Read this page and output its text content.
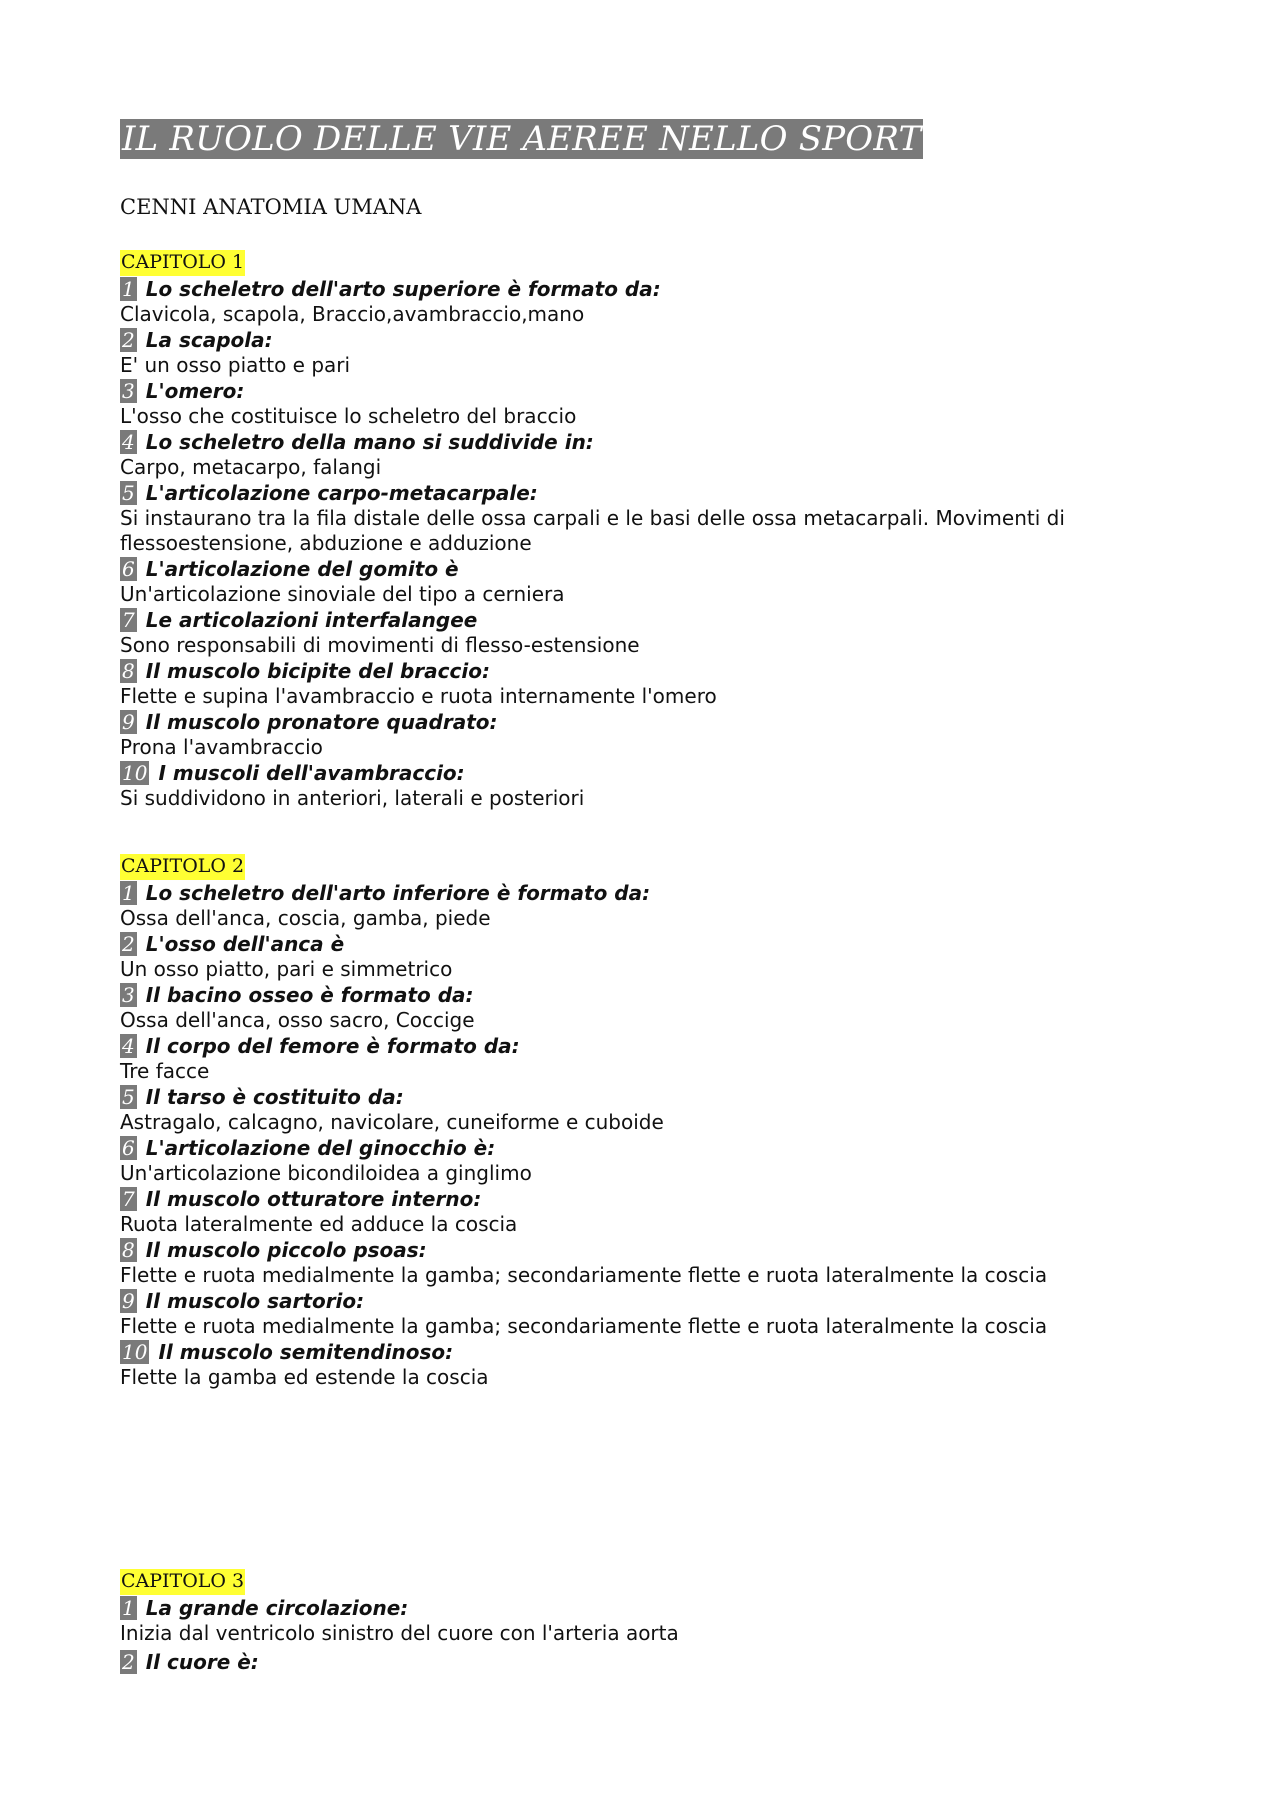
IL RUOLO DELLE VIE AEREE NELLO SPORT

CENNI ANATOMIA UMANA

CAPITOLO 1
1 Lo scheletro dell'arto superiore è formato da:
Clavicola, scapola, Braccio,avambraccio,mano
2 La scapola:
E' un osso piatto e pari
3 L'omero:
L'osso che costituisce lo scheletro del braccio
4 Lo scheletro della mano si suddivide in:
Carpo, metacarpo, falangi
5 L'articolazione carpo-metacarpale:
Si instaurano tra la fila distale delle ossa carpali e le basi delle ossa metacarpali. Movimenti di flessoestensione, abduzione e adduzione
6 L'articolazione del gomito è
Un'articolazione sinoviale del tipo a cerniera
7 Le articolazioni interfalangee
Sono responsabili di movimenti di flesso-estensione
8 Il muscolo bicipite del braccio:
Flette e supina l'avambraccio e ruota internamente l'omero
9 Il muscolo pronatore quadrato:
Prona l'avambraccio
10 I muscoli dell'avambraccio:
Si suddividono in anteriori, laterali e posteriori
CAPITOLO 2
1 Lo scheletro dell'arto inferiore è formato da:
Ossa dell'anca, coscia, gamba, piede
2 L'osso dell'anca è
Un osso piatto, pari e simmetrico
3 Il bacino osseo è formato da:
Ossa dell'anca, osso sacro, Coccige
4 Il corpo del femore è formato da:
Tre facce
5 Il tarso è costituito da:
Astragalo, calcagno, navicolare, cuneiforme e cuboide
6 L'articolazione del ginocchio è:
Un'articolazione bicondiloidea a ginglimo
7 Il muscolo otturatore interno:
Ruota lateralmente ed adduce la coscia
8 Il muscolo piccolo psoas:
Flette e ruota medialmente la gamba; secondariamente flette e ruota lateralmente la coscia
9 Il muscolo sartorio:
Flette e ruota medialmente la gamba; secondariamente flette e ruota lateralmente la coscia
10 Il muscolo semitendinoso:
Flette la gamba ed estende la coscia
CAPITOLO 3
1 La grande circolazione:
Inizia dal ventricolo sinistro del cuore con l'arteria aorta
2 Il cuore è:
